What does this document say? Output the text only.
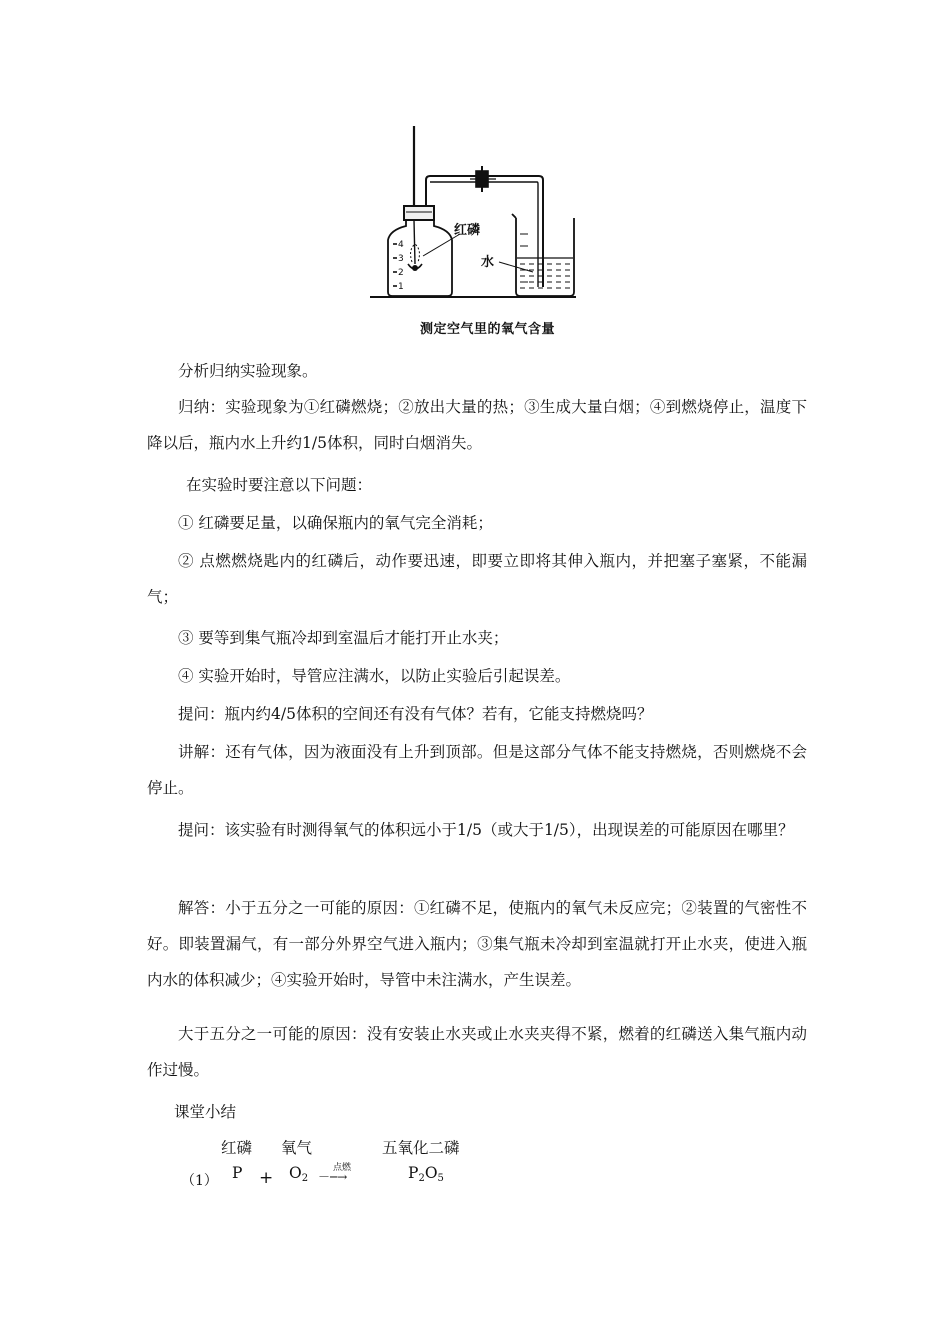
红磷
水
4
3
2
1
测定空气里的氧气含量
分析归纳实验现象。
归纳：实验现象为①红磷燃烧；②放出大量的热；③生成大量白烟；④到燃烧停止，温度下降以后，瓶内水上升约1/5体积，同时白烟消失。
在实验时要注意以下问题：
① 红磷要足量，以确保瓶内的氧气完全消耗；
② 点燃燃烧匙内的红磷后，动作要迅速，即要立即将其伸入瓶内，并把塞子塞紧，不能漏气；
③ 要等到集气瓶冷却到室温后才能打开止水夹；
④ 实验开始时，导管应注满水，以防止实验后引起误差。
提问：瓶内约4/5体积的空间还有没有气体？若有，它能支持燃烧吗？
讲解：还有气体，因为液面没有上升到顶部。但是这部分气体不能支持燃烧，否则燃烧不会停止。
提问：该实验有时测得氧气的体积远小于1/5（或大于1/5），出现误差的可能原因在哪里？
解答：小于五分之一可能的原因：①红磷不足，使瓶内的氧气未反应完；②装置的气密性不好。即装置漏气，有一部分外界空气进入瓶内；③集气瓶未冷却到室温就打开止水夹，使进入瓶内水的体积减少；④实验开始时，导管中未注满水，产生误差。
大于五分之一可能的原因：没有安装止水夹或止水夹夹得不紧，燃着的红磷送入集气瓶内动作过慢。
课堂小结
红磷 氧气	五氧化二磷
（1） $P + O_2$
点燃
－─→	$P_2O_5$
